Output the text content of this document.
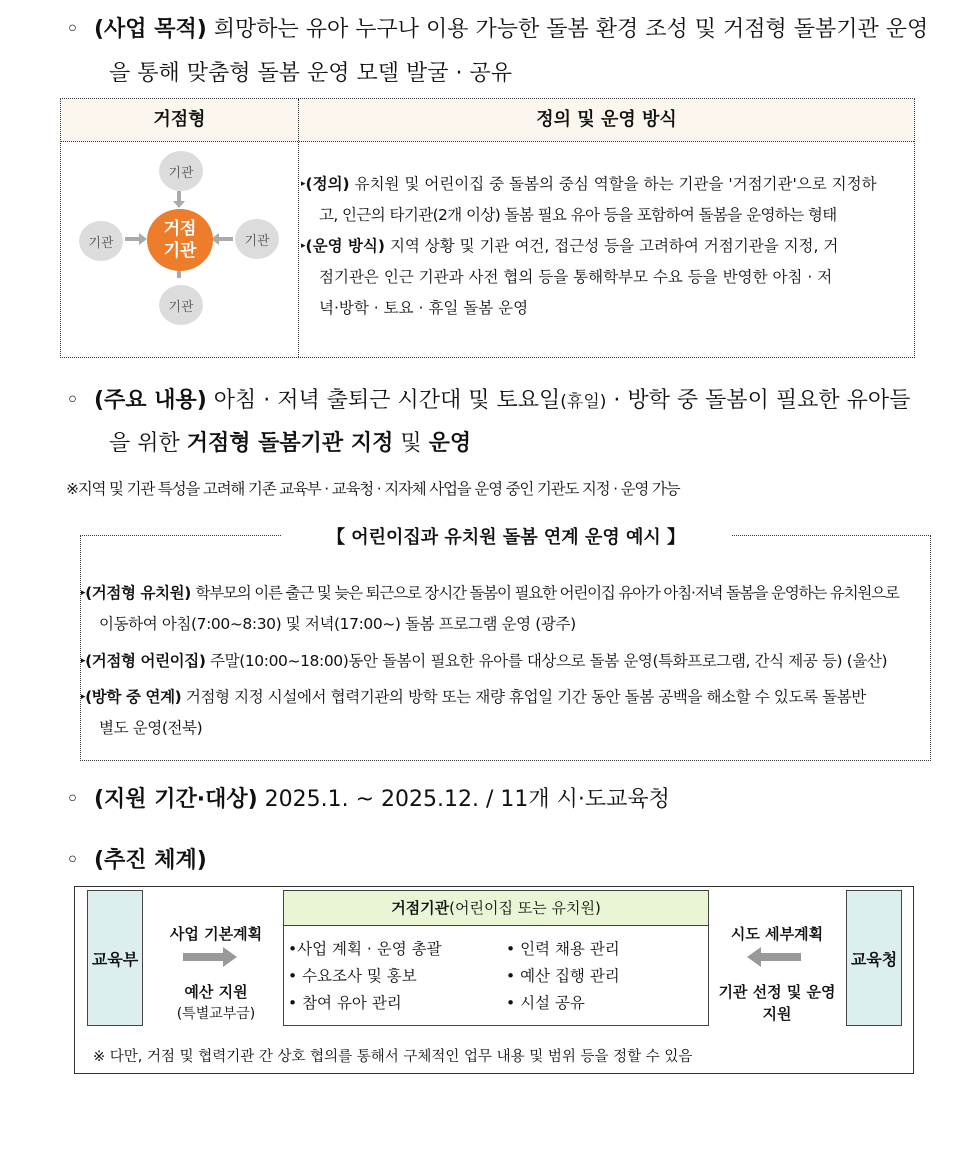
◦ (사업 목적) 희망하는 유아 누구나 이용 가능한 돌봄 환경 조성 및 거점형 돌봄기관 운영
을 통해 맞춤형 돌봄 운영 모델 발굴 · 공유
거점형	정의 및 운영 방식
기관
기관	기관
기관
거점 기관
▸(정의) 유치원 및 어린이집 중 돌봄의 중심 역할을 하는 기관을 '거점기관'으로 지정하
고, 인근의 타기관(2개 이상) 돌봄 필요 유아 등을 포함하여 돌봄을 운영하는 형태
▸(운영 방식) 지역 상황 및 기관 여건, 접근성 등을 고려하여 거점기관을 지정, 거
점기관은 인근 기관과 사전 협의 등을 통해학부모 수요 등을 반영한 아침 · 저
녁·방학 · 토요 · 휴일 돌봄 운영
◦ (주요 내용) 아침 · 저녁 출퇴근 시간대 및 토요일(휴일) · 방학 중 돌봄이 필요한 유아들
을 위한 거점형 돌봄기관 지정 및 운영
※지역 및 기관 특성을 고려해 기존 교육부 · 교육청 · 지자체 사업을 운영 중인 기관도 지정 · 운영 가능
【 어린이집과 유치원 돌봄 연계 운영 예시 】
▸(거점형 유치원) 학부모의 이른 출근 및 늦은 퇴근으로 장시간 돌봄이 필요한 어린이집 유아가 아침·저녁 돌봄을 운영하는 유치원으로
이동하여 아침(7:00~8:30) 및 저녁(17:00~) 돌봄 프로그램 운영 (광주)
▸(거점형 어린이집) 주말(10:00~18:00)동안 돌봄이 필요한 유아를 대상으로 돌봄 운영(특화프로그램, 간식 제공 등) (울산)
▸(방학 중 연계) 거점형 지정 시설에서 협력기관의 방학 또는 재량 휴업일 기간 동안 돌봄 공백을 해소할 수 있도록 돌봄반
별도 운영(전북)
◦ (지원 기간·대상) 2025.1. ~ 2025.12. / 11개 시·도교육청
◦ (추진 체계)
교육부	교육청
사업 기본계획
예산 지원
(특별교부금)
거점기관(어린이집 또는 유치원)
•사업 계획 · 운영 총괄
• 수요조사 및 홍보
• 참여 유아 관리
• 인력 채용 관리
• 예산 집행 관리
• 시설 공유
시도 세부계획
기관 선정 및 운영 지원
※ 다만, 거점 및 협력기관 간 상호 협의를 통해서 구체적인 업무 내용 및 범위 등을 정할 수 있음
